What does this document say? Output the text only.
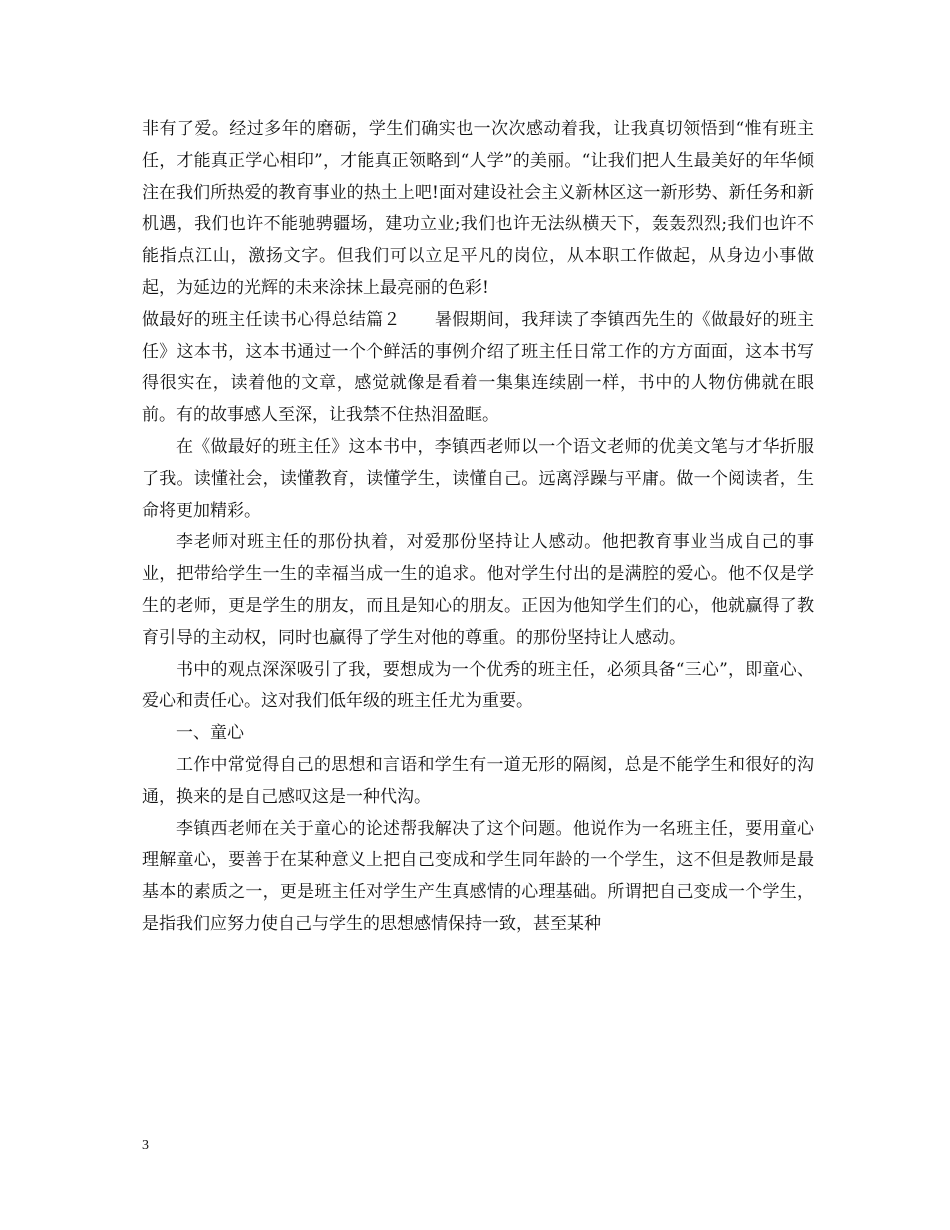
非有了爱。经过多年的磨砺，学生们确实也一次次感动着我，让我真切领悟到“惟有班主任，才能真正学心相印”，才能真正领略到“人学”的美丽。“让我们把人生最美好的年华倾注在我们所热爱的教育事业的热土上吧!面对建设社会主义新林区这一新形势、新任务和新机遇，我们也许不能驰骋疆场，建功立业;我们也许无法纵横天下，轰轰烈烈;我们也许不能指点江山，激扬文字。但我们可以立足平凡的岗位，从本职工作做起，从身边小事做起，为延边的光辉的未来涂抹上最亮丽的色彩!

做最好的班主任读书心得总结篇２　　暑假期间，我拜读了李镇西先生的《做最好的班主任》这本书，这本书通过一个个鲜活的事例介绍了班主任日常工作的方方面面，这本书写得很实在，读着他的文章，感觉就像是看着一集集连续剧一样，书中的人物仿佛就在眼前。有的故事感人至深，让我禁不住热泪盈眶。

在《做最好的班主任》这本书中，李镇西老师以一个语文老师的优美文笔与才华折服了我。读懂社会，读懂教育，读懂学生，读懂自己。远离浮躁与平庸。做一个阅读者，生命将更加精彩。

李老师对班主任的那份执着，对爱那份坚持让人感动。他把教育事业当成自己的事业，把带给学生一生的幸福当成一生的追求。他对学生付出的是满腔的爱心。他不仅是学生的老师，更是学生的朋友，而且是知心的朋友。正因为他知学生们的心，他就赢得了教育引导的主动权，同时也赢得了学生对他的尊重。的那份坚持让人感动。

书中的观点深深吸引了我，要想成为一个优秀的班主任，必须具备“三心”，即童心、爱心和责任心。这对我们低年级的班主任尤为重要。

一、童心

工作中常觉得自己的思想和言语和学生有一道无形的隔阂，总是不能学生和很好的沟通，换来的是自己感叹这是一种代沟。

李镇西老师在关于童心的论述帮我解决了这个问题。他说作为一名班主任，要用童心理解童心，要善于在某种意义上把自己变成和学生同年龄的一个学生，这不但是教师是最基本的素质之一，更是班主任对学生产生真感情的心理基础。所谓把自己变成一个学生，是指我们应努力使自己与学生的思想感情保持一致，甚至某种

3
